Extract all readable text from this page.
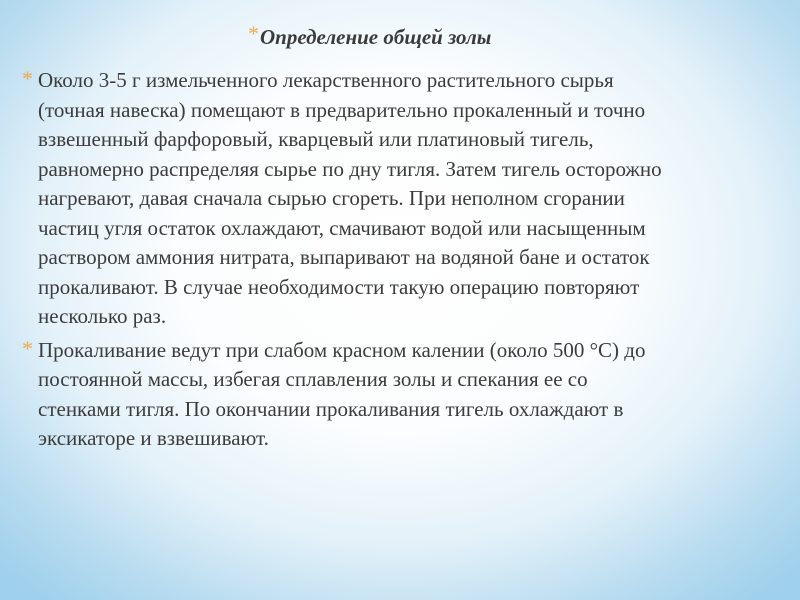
*Определение общей золы
* Около 3-5 г измельченного лекарственного растительного сырья
(точная навеска) помещают в предварительно прокаленный и точно
взвешенный фарфоровый, кварцевый или платиновый тигель,
равномерно распределяя сырье по дну тигля. Затем тигель осторожно
нагревают, давая сначала сырью сгореть. При неполном сгорании
частиц угля остаток охлаждают, смачивают водой или насыщенным
раствором аммония нитрата, выпаривают на водяной бане и остаток
прокаливают. В случае необходимости такую операцию повторяют
несколько раз.
* Прокаливание ведут при слабом красном калении (около 500 °С) до
постоянной массы, избегая сплавления золы и спекания ее со
стенками тигля. По окончании прокаливания тигель охлаждают в
эксикаторе и взвешивают.
